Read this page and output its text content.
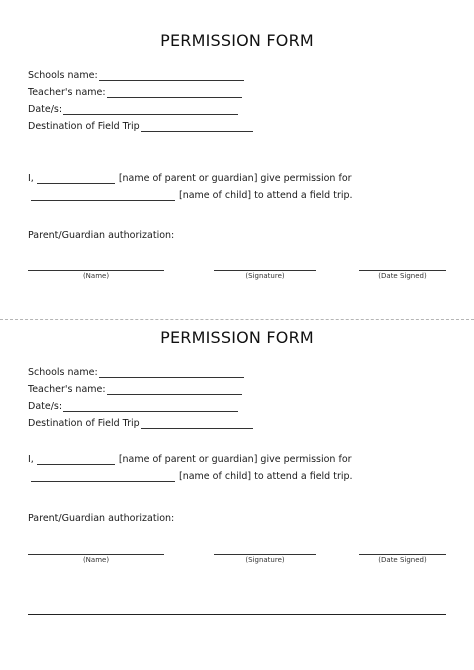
PERMISSION FORM
Schools name:
Teacher's name:
Date/s:
Destination of Field Trip
I,	[name of parent or guardian] give permission for
[name of child] to attend a field trip.
Parent/Guardian authorization:
(Name)	(Signature)	(Date Signed)
PERMISSION FORM
Schools name:
Teacher's name:
Date/s:
Destination of Field Trip
I,	[name of parent or guardian] give permission for
[name of child] to attend a field trip.
Parent/Guardian authorization:
(Name)	(Signature)	(Date Signed)
